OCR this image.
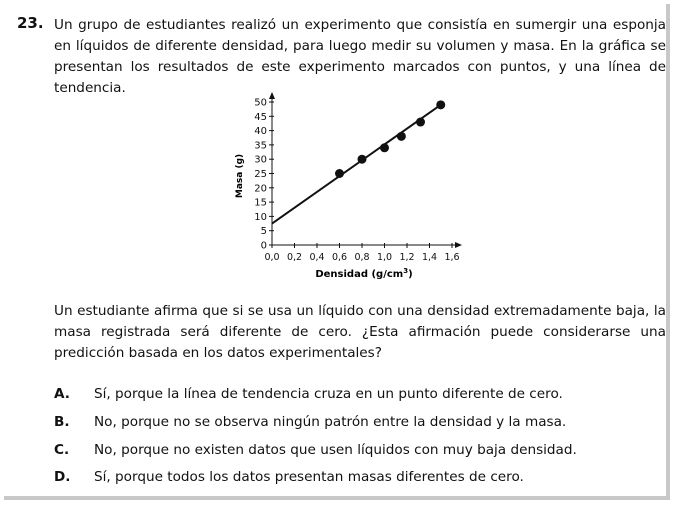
23. Un grupo de estudiantes realizó un experimento que consistía en sumergir una esponja en líquidos de diferente densidad, para luego medir su volumen y masa. En la gráfica se presentan los resultados de este experimento marcados con puntos, y una línea de tendencia.
0
5
10
15
20
25
30
35
40
45
50
0,0 0,2 0,4 0,6 0,8 1,0 1,2 1,4 1,6
Masa (g)
Densidad $(g/cm^3)$
Un estudiante afirma que si se usa un líquido con una densidad extremadamente baja, la masa registrada será diferente de cero. ¿Esta afirmación puede considerarse una predicción basada en los datos experimentales?
A. Sí, porque la línea de tendencia cruza en un punto diferente de cero.
B. No, porque no se observa ningún patrón entre la densidad y la masa.
C. No, porque no existen datos que usen líquidos con muy baja densidad.
D. Sí, porque todos los datos presentan masas diferentes de cero.
